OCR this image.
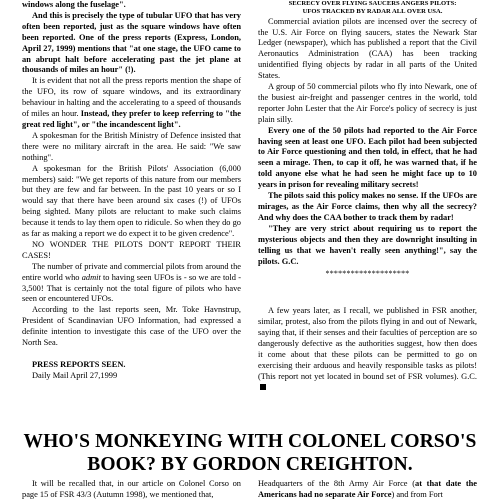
windows along the fuselage".

And this is precisely the type of tubular UFO that has very often been reported, just as the square windows have often been reported. One of the press reports (Express, London, April 27, 1999) mentions that "at one stage, the UFO came to an abrupt halt before accelerating past the jet plane at thousands of miles an hour" (!).

It is evident that not all the press reports mention the shape of the UFO, its row of square windows, and its extraordinary behaviour in halting and the accelerating to a speed of thousands of miles an hour. Instead, they prefer to keep referring to "the great red light", or "the incandescent light".

A spokesman for the British Ministry of Defence insisted that there were no military aircraft in the area. He said: "We saw nothing".

A spokesman for the British Pilots' Association (6,000 members) said: "We get reports of this nature from our members but they are few and far between. In the past 10 years or so I would say that there have been around six cases (!) of UFOs being sighted. Many pilots are reluctant to make such claims because it tends to lay them open to ridicule. So when they do go as far as making a report we do expect it to be given credence".

NO WONDER THE PILOTS DON'T REPORT THEIR CASES!

The number of private and commercial pilots from around the entire world who admit to having seen UFOs is - so we are told - 3,500! That is certainly not the total figure of pilots who have seen or encountered UFOs.

According to the last reports seen, Mr. Toke Havnstrup, President of Scandinavian UFO Information, had expressed a definite intention to investigate this case of the UFO over the North Sea.

PRESS REPORTS SEEN.

Daily Mail April 27,1999

SECRECY OVER FLYING SAUCERS ANGERS PILOTS:

UFOS TRACKED BY RADAR ALL OVER USA.

Commercial aviation pilots are incensed over the secrecy of the U.S. Air Force on flying saucers, states the Newark Star Ledger (newspaper), which has published a report that the Civil Aeronautics Administration (CAA) has been tracking unidentified flying objects by radar in all parts of the United States.

A group of 50 commercial pilots who fly into Newark, one of the busiest air-freight and passenger centres in the world, told reporter John Lester that the Air Force's policy of secrecy is just plain silly.

Every one of the 50 pilots had reported to the Air Force having seen at least one UFO. Each pilot had been subjected to Air Force questioning and then told, in effect, that he had seen a mirage. Then, to cap it off, he was warned that, if he told anyone else what he had seen he might face up to 10 years in prison for revealing military secrets!

The pilots said this policy makes no sense. If the UFOs are mirages, as the Air Force claims, then why all the secrecy? And why does the CAA bother to track them by radar!

"They are very strict about requiring us to report the mysterious objects and then they are downright insulting in telling us that we haven't really seen anything!", say the pilots. G.C.

********************

A few years later, as I recall, we published in FSR another, similar, protest, also from the pilots flying in and out of Newark, saying that, if their senses and their faculties of perception are so dangerously defective as the authorities suggest, how then does it come about that these pilots can be permitted to go on exercising their arduous and heavily responsible tasks as pilots! (This report not yet located in bound set of FSR volumes). G.C.

WHO'S MONKEYING WITH COLONEL CORSO'S BOOK? BY GORDON CREIGHTON.

It will be recalled that, in our article on Colonel Corso on page 15 of FSR 43/3 (Autumn 1998), we mentioned that,

Headquarters of the 8th Army Air Force (at that date the Americans had no separate Air Force) and from Fort
